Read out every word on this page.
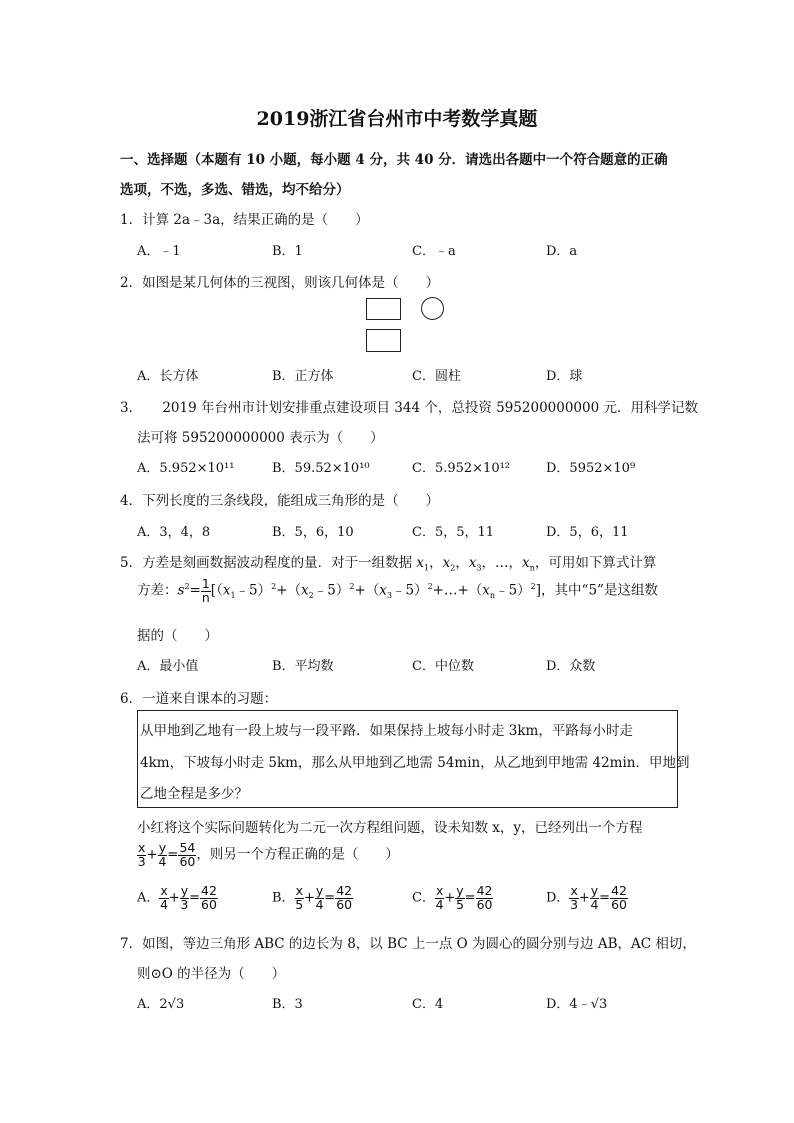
2019浙江省台州市中考数学真题
一、选择题（本题有 10 小题，每小题 4 分，共 40 分．请选出各题中一个符合题意的正确
选项，不选，多选、错选，均不给分）
1．计算 2a﹣3a，结果正确的是（　　）
A．﹣1	B．1	C．﹣a	D．a
2．如图是某几何体的三视图，则该几何体是（　　）
A．长方体	B．正方体	C．圆柱	D．球
3．　　2019 年台州市计划安排重点建设项目 344 个，总投资 595200000000 元．用科学记数
法可将 595200000000 表示为（　　）
A．5.952×10¹¹	B．59.52×10¹⁰	C．5.952×10¹²	D．5952×10⁹
4．下列长度的三条线段，能组成三角形的是（　　）
A．3，4，8	B．5，6，10	C．5，5，11	D．5，6，11
5．方差是刻画数据波动程度的量．对于一组数据 $x_1$，$x_2$，$x_3$，…，$x_n$，可用如下算式计算
方差：$s^2= \frac{1}{n}$ $[(x_1﹣5)^2+(x_2﹣5)^2+(x_3﹣5)^2+\dots+(x_n﹣5)^2]$，其中“5”是这组数
据的（　　）
A．最小值	B．平均数	C．中位数	D．众数
6．一道来自课本的习题：
从甲地到乙地有一段上坡与一段平路．如果保持上坡每小时走 3km，平路每小时走
4km，下坡每小时走 5km，那么从甲地到乙地需 54min，从乙地到甲地需 42min．甲地到
乙地全程是多少？
小红将这个实际问题转化为二元一次方程组问题，设未知数 x，y，已经列出一个方程
$\frac{x}{3} + \frac{y}{4} = \frac{54}{60}$ ，则另一个方程正确的是（　　）
A． $\frac{x}{4} + \frac{y}{3} = \frac{42}{60}$	B． $\frac{x}{5} + \frac{y}{4} = \frac{42}{60}$	C． $\frac{x}{4} + \frac{y}{5} = \frac{42}{60}$	D． $\frac{x}{3} + \frac{y}{4} = \frac{42}{60}$
7．如图，等边三角形 ABC 的边长为 8，以 BC 上一点 O 为圆心的圆分别与边 AB，AC 相切，
则⊙O 的半径为（　　）
A．2√3	B．3	C．4	D．4﹣√3
